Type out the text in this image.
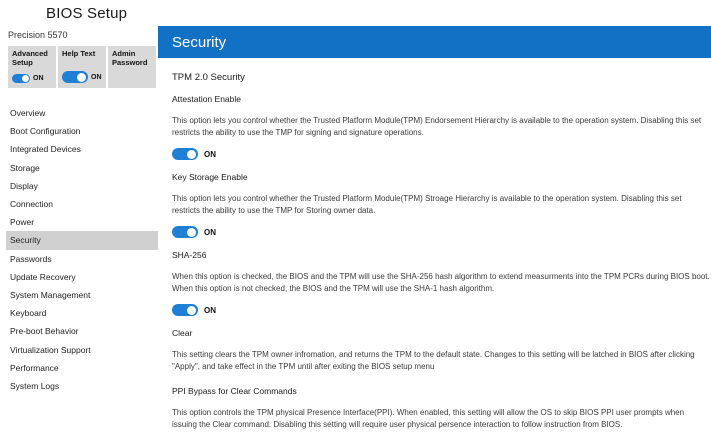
BIOS Setup
Precision 5570
Advanced Setup
ON
Help Text
ON
Admin Password
Overview
Boot Configuration
Integrated Devices
Storage
Display
Connection
Power
Security
Passwords
Update Recovery
System Management
Keyboard
Pre-boot Behavior
Virtualization Support
Performance
System Logs
Security
TPM 2.0 Security
Attestation Enable
This option lets you control whether the Trusted Platform Module(TPM) Endorsement Hierarchy is available to the operation system. Disabling this set restricts the ability to use the TMP for signing and signature operations.
ON
Key Storage Enable
This option lets you control whether the Trusted Platform Module(TPM) Stroage Hierarchy is available to the operation system. Disabling this set restricts the ability to use the TMP for Storing owner data.
ON
SHA-256
When this option is checked, the BIOS and the TPM will use the SHA-256 hash algorithm to extend measurments into the TPM PCRs during BIOS boot. When this option is not checked, the BIOS and the TPM will use the SHA-1 hash algorithm.
ON
Clear
This setting clears the TPM owner infromation, and returns the TPM to the default state. Changes to this setting will be latched in BIOS after clicking "Apply", and take effect in the TPM until after exiting the BIOS setup menu
PPI Bypass for Clear Commands
This option controls the TPM physical Presence Interface(PPI). When enabled, this setting will allow the OS to skip BIOS PPI user prompts when issuing the Clear command. Disabling this setting will require user physical persence interaction to follow instruction from BIOS.
